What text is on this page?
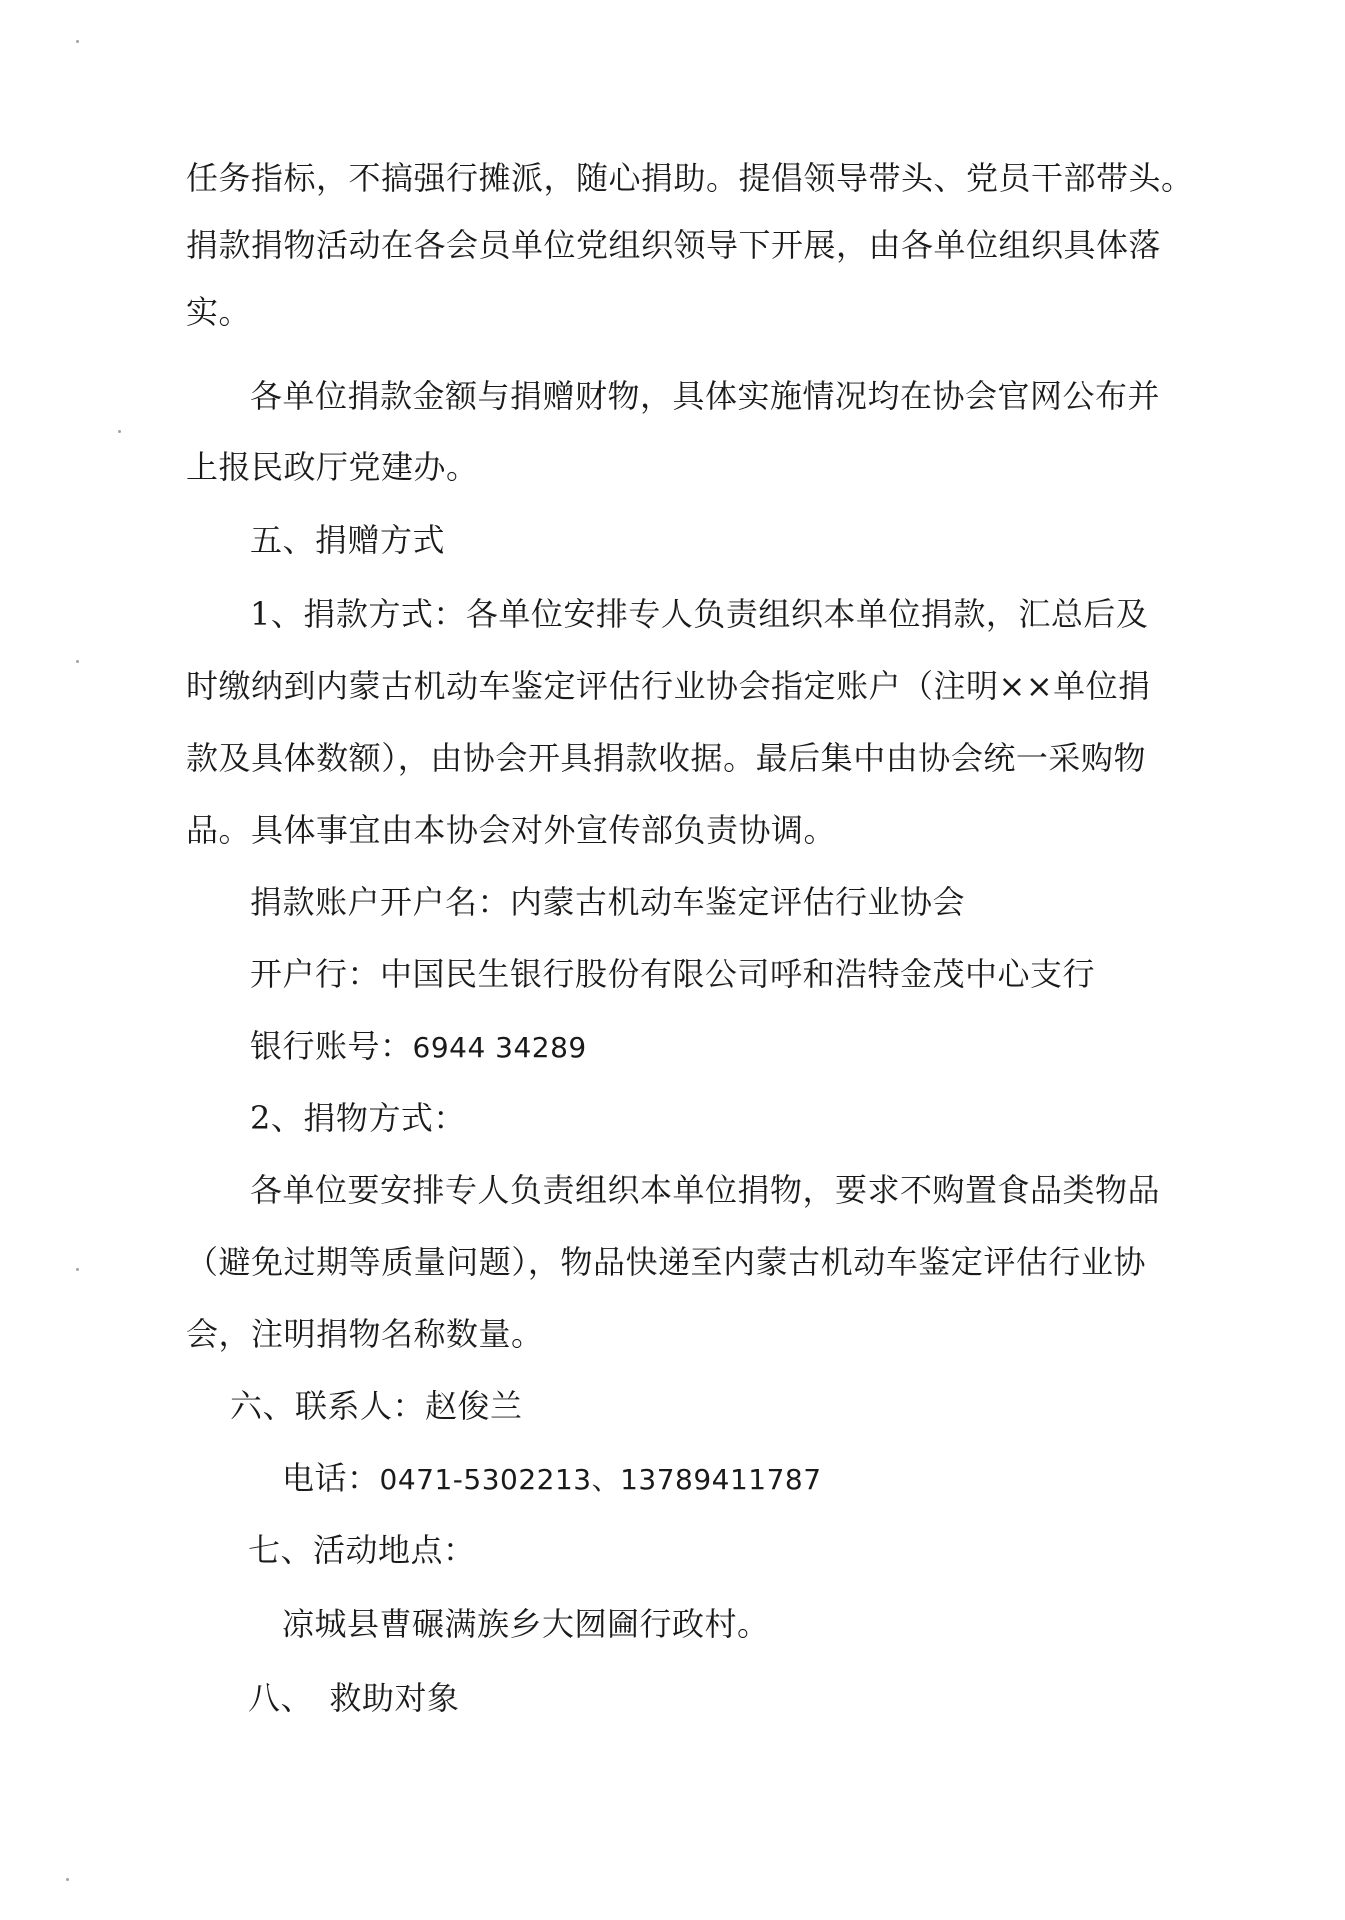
任务指标，不搞强行摊派，随心捐助。提倡领导带头、党员干部带头。
捐款捐物活动在各会员单位党组织领导下开展，由各单位组织具体落
实。
各单位捐款金额与捐赠财物，具体实施情况均在协会官网公布并
上报民政厅党建办。
五、捐赠方式
1、捐款方式：各单位安排专人负责组织本单位捐款，汇总后及
时缴纳到内蒙古机动车鉴定评估行业协会指定账户（注明××单位捐
款及具体数额），由协会开具捐款收据。最后集中由协会统一采购物
品。具体事宜由本协会对外宣传部负责协调。
捐款账户开户名：内蒙古机动车鉴定评估行业协会
开户行：中国民生银行股份有限公司呼和浩特金茂中心支行
银行账号：6944 34289
2、捐物方式：
各单位要安排专人负责组织本单位捐物，要求不购置食品类物品
（避免过期等质量问题），物品快递至内蒙古机动车鉴定评估行业协
会，注明捐物名称数量。
六、联系人：赵俊兰
电话：0471-5302213、13789411787
七、活动地点：
凉城县曹碾满族乡大囫圇行政村。
八、　救助对象
